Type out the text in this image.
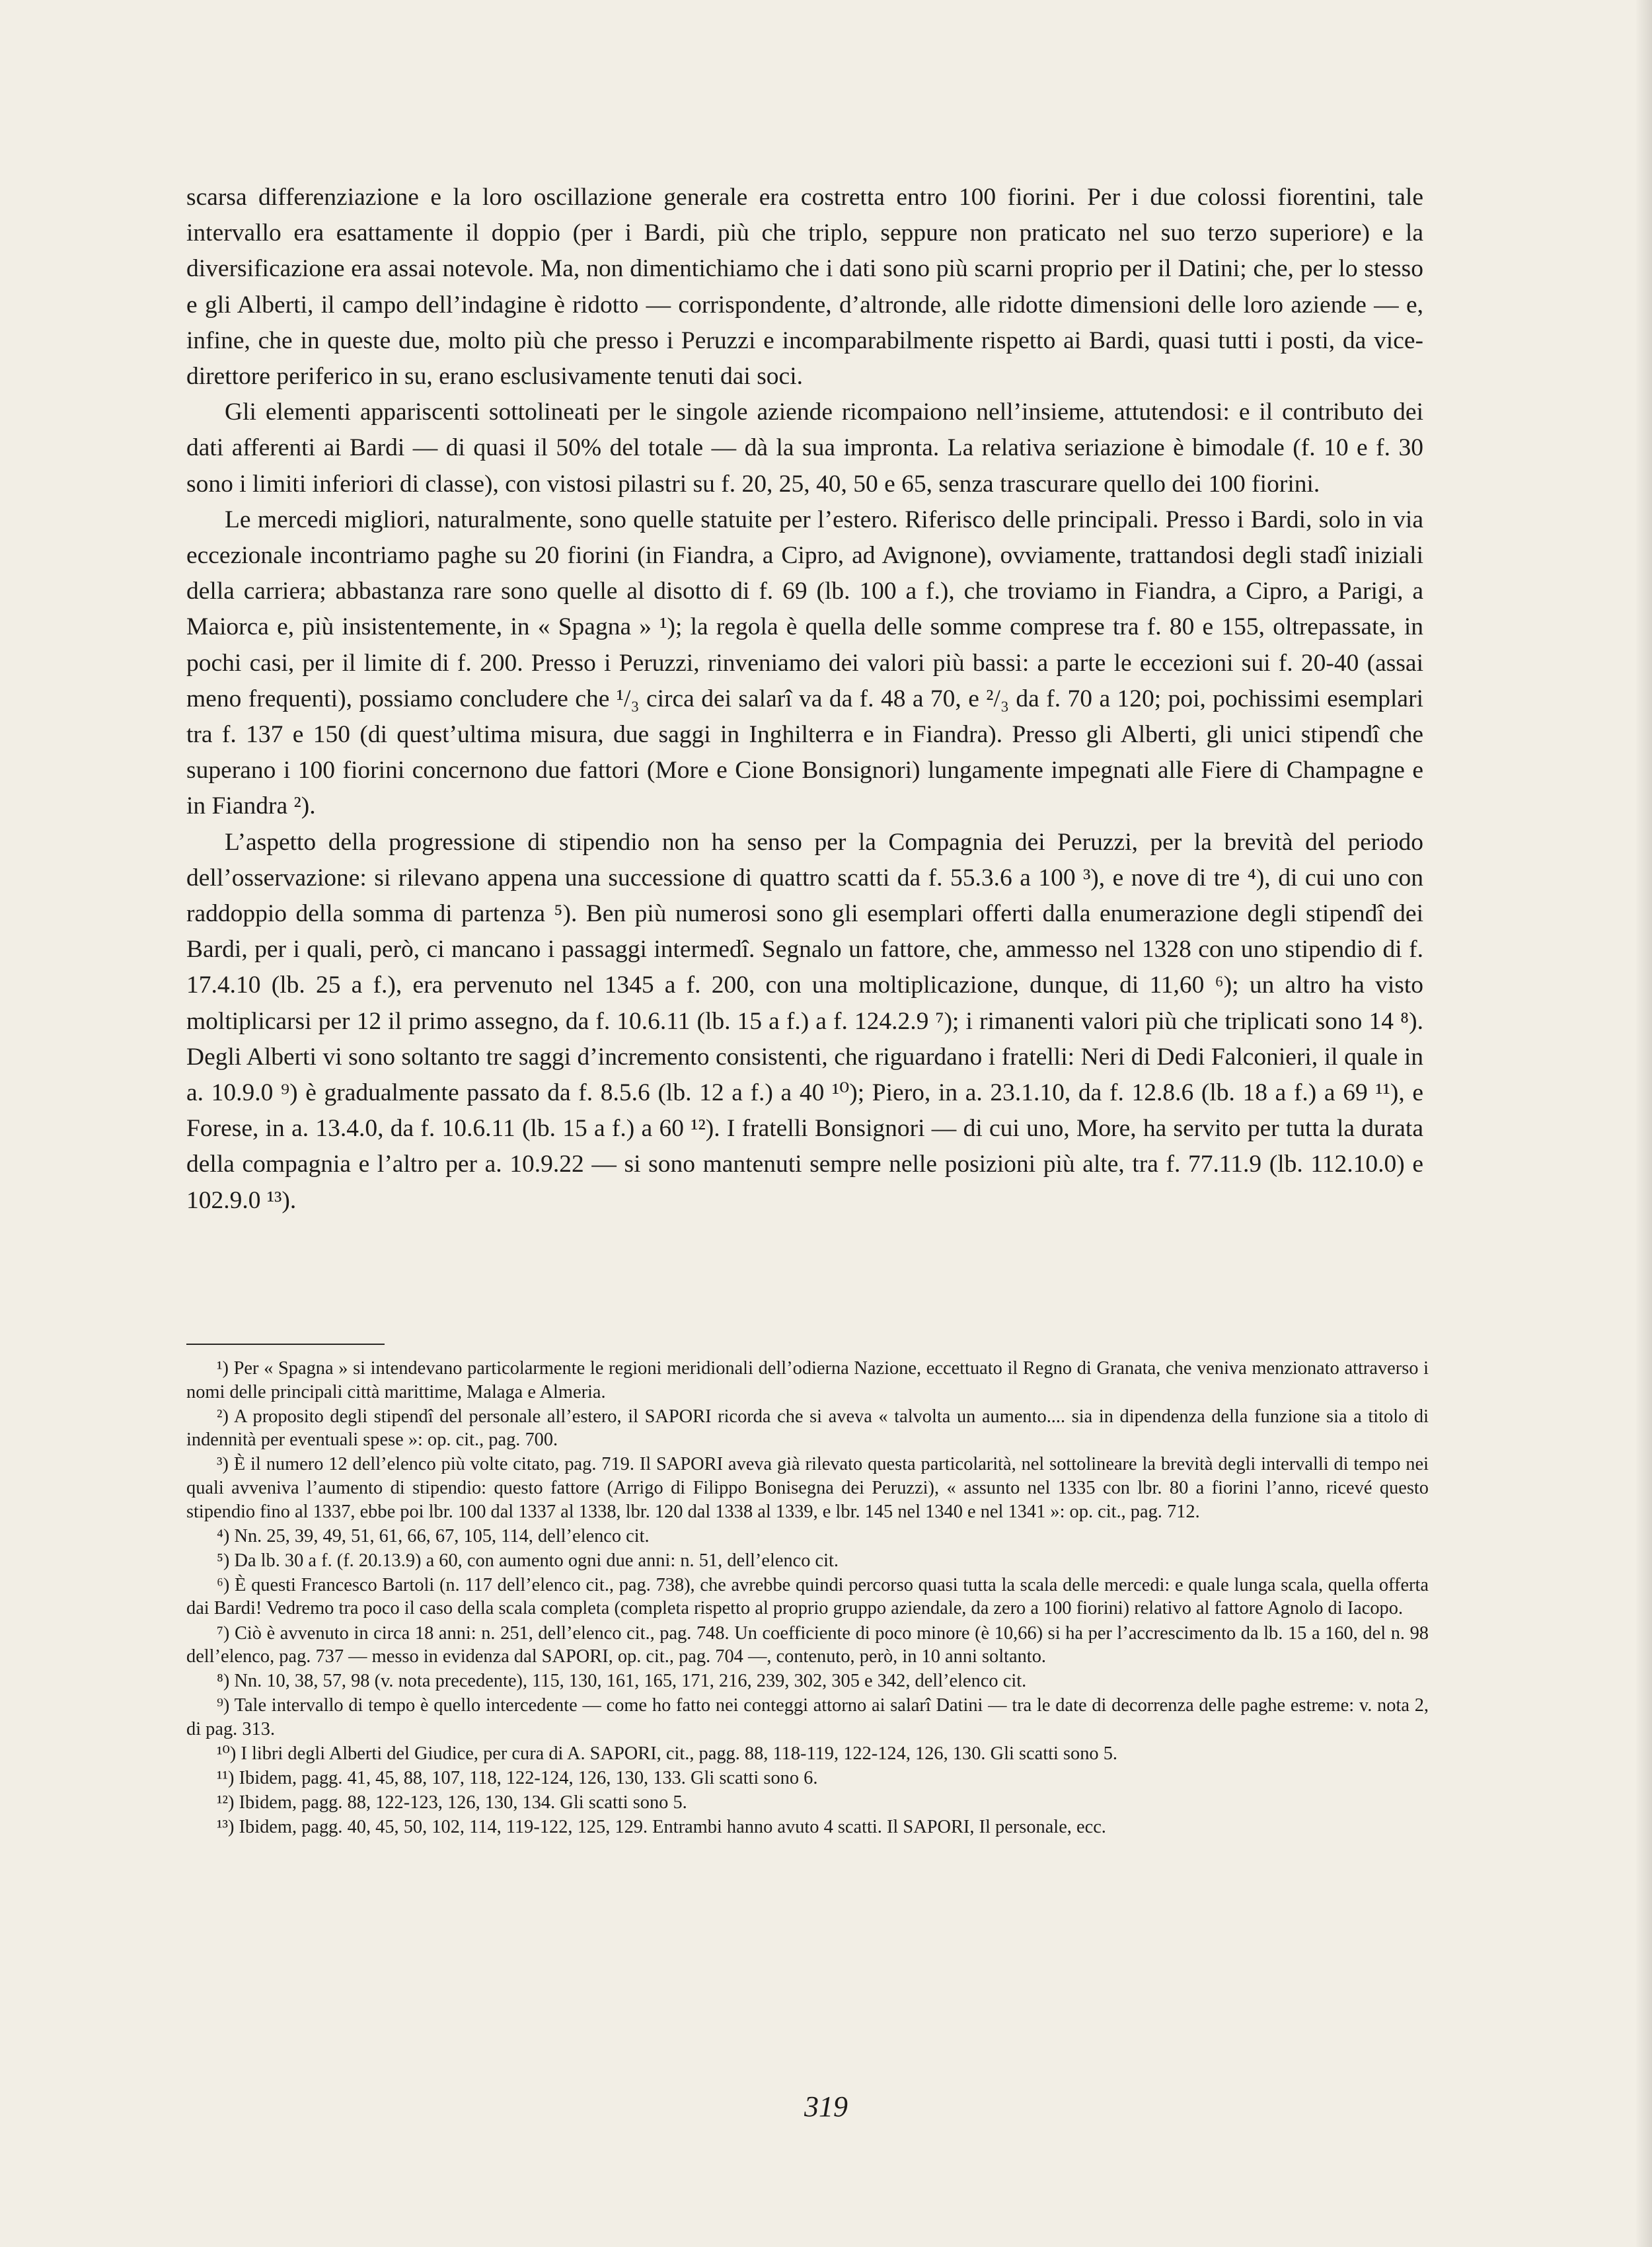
scarsa differenziazione e la loro oscillazione generale era costretta entro 100 fiorini. Per i due colossi fiorentini, tale intervallo era esattamente il doppio (per i Bardi, più che triplo, seppure non praticato nel suo terzo superiore) e la diversificazione era assai notevole. Ma, non dimentichiamo che i dati sono più scarni proprio per il Datini; che, per lo stesso e gli Alberti, il campo dell’indagine è ridotto — corrispondente, d’altronde, alle ridotte dimensioni delle loro aziende — e, infine, che in queste due, molto più che presso i Peruzzi e incomparabilmente rispetto ai Bardi, quasi tutti i posti, da vice-direttore periferico in su, erano esclusivamente tenuti dai soci.

Gli elementi appariscenti sottolineati per le singole aziende ricompaiono nell’insieme, attutendosi: e il contributo dei dati afferenti ai Bardi — di quasi il 50% del totale — dà la sua impronta. La relativa seriazione è bimodale (f. 10 e f. 30 sono i limiti inferiori di classe), con vistosi pilastri su f. 20, 25, 40, 50 e 65, senza trascurare quello dei 100 fiorini.

Le mercedi migliori, naturalmente, sono quelle statuite per l’estero. Riferisco delle principali. Presso i Bardi, solo in via eccezionale incontriamo paghe su 20 fiorini (in Fiandra, a Cipro, ad Avignone), ovviamente, trattandosi degli stadî iniziali della carriera; abbastanza rare sono quelle al disotto di f. 69 (lb. 100 a f.), che troviamo in Fiandra, a Cipro, a Parigi, a Maiorca e, più insistentemente, in « Spagna » ¹); la regola è quella delle somme comprese tra f. 80 e 155, oltrepassate, in pochi casi, per il limite di f. 200. Presso i Peruzzi, rinveniamo dei valori più bassi: a parte le eccezioni sui f. 20-40 (assai meno frequenti), possiamo concludere che ¹/₃ circa dei salarî va da f. 48 a 70, e ²/₃ da f. 70 a 120; poi, pochissimi esemplari tra f. 137 e 150 (di quest’ultima misura, due saggi in Inghilterra e in Fiandra). Presso gli Alberti, gli unici stipendî che superano i 100 fiorini concernono due fattori (More e Cione Bonsignori) lungamente impegnati alle Fiere di Champagne e in Fiandra ²).

L’aspetto della progressione di stipendio non ha senso per la Compagnia dei Peruzzi, per la brevità del periodo dell’osservazione: si rilevano appena una successione di quattro scatti da f. 55.3.6 a 100 ³), e nove di tre ⁴), di cui uno con raddoppio della somma di partenza ⁵). Ben più numerosi sono gli esemplari offerti dalla enumerazione degli stipendî dei Bardi, per i quali, però, ci mancano i passaggi intermedî. Segnalo un fattore, che, ammesso nel 1328 con uno stipendio di f. 17.4.10 (lb. 25 a f.), era pervenuto nel 1345 a f. 200, con una moltiplicazione, dunque, di 11,60 ⁶); un altro ha visto moltiplicarsi per 12 il primo assegno, da f. 10.6.11 (lb. 15 a f.) a f. 124.2.9 ⁷); i rimanenti valori più che triplicati sono 14 ⁸). Degli Alberti vi sono soltanto tre saggi d’incremento consistenti, che riguardano i fratelli: Neri di Dedi Falconieri, il quale in a. 10.9.0 ⁹) è gradualmente passato da f. 8.5.6 (lb. 12 a f.) a 40 ¹⁰); Piero, in a. 23.1.10, da f. 12.8.6 (lb. 18 a f.) a 69 ¹¹), e Forese, in a. 13.4.0, da f. 10.6.11 (lb. 15 a f.) a 60 ¹²). I fratelli Bonsignori — di cui uno, More, ha servito per tutta la durata della compagnia e l’altro per a. 10.9.22 — si sono mantenuti sempre nelle posizioni più alte, tra f. 77.11.9 (lb. 112.10.0) e 102.9.0 ¹³).

¹) Per « Spagna » si intendevano particolarmente le regioni meridionali dell’odierna Nazione, eccettuato il Regno di Granata, che veniva menzionato attraverso i nomi delle principali città marittime, Malaga e Almeria.

²) A proposito degli stipendî del personale all’estero, il SAPORI ricorda che si aveva « talvolta un aumento.... sia in dipendenza della funzione sia a titolo di indennità per eventuali spese »: op. cit., pag. 700.

³) È il numero 12 dell’elenco più volte citato, pag. 719. Il SAPORI aveva già rilevato questa particolarità, nel sottolineare la brevità degli intervalli di tempo nei quali avveniva l’aumento di stipendio: questo fattore (Arrigo di Filippo Bonisegna dei Peruzzi), « assunto nel 1335 con lbr. 80 a fiorini l’anno, ricevé questo stipendio fino al 1337, ebbe poi lbr. 100 dal 1337 al 1338, lbr. 120 dal 1338 al 1339, e lbr. 145 nel 1340 e nel 1341 »: op. cit., pag. 712.

⁴) Nn. 25, 39, 49, 51, 61, 66, 67, 105, 114, dell’elenco cit.

⁵) Da lb. 30 a f. (f. 20.13.9) a 60, con aumento ogni due anni: n. 51, dell’elenco cit.

⁶) È questi Francesco Bartoli (n. 117 dell’elenco cit., pag. 738), che avrebbe quindi percorso quasi tutta la scala delle mercedi: e quale lunga scala, quella offerta dai Bardi! Vedremo tra poco il caso della scala completa (completa rispetto al proprio gruppo aziendale, da zero a 100 fiorini) relativo al fattore Agnolo di Iacopo.

⁷) Ciò è avvenuto in circa 18 anni: n. 251, dell’elenco cit., pag. 748. Un coefficiente di poco minore (è 10,66) si ha per l’accrescimento da lb. 15 a 160, del n. 98 dell’elenco, pag. 737 — messo in evidenza dal SAPORI, op. cit., pag. 704 —, contenuto, però, in 10 anni soltanto.

⁸) Nn. 10, 38, 57, 98 (v. nota precedente), 115, 130, 161, 165, 171, 216, 239, 302, 305 e 342, dell’elenco cit.

⁹) Tale intervallo di tempo è quello intercedente — come ho fatto nei conteggi attorno ai salarî Datini — tra le date di decorrenza delle paghe estreme: v. nota 2, di pag. 313.

¹⁰) I libri degli Alberti del Giudice, per cura di A. SAPORI, cit., pagg. 88, 118-119, 122-124, 126, 130. Gli scatti sono 5.

¹¹) Ibidem, pagg. 41, 45, 88, 107, 118, 122-124, 126, 130, 133. Gli scatti sono 6.

¹²) Ibidem, pagg. 88, 122-123, 126, 130, 134. Gli scatti sono 5.

¹³) Ibidem, pagg. 40, 45, 50, 102, 114, 119-122, 125, 129. Entrambi hanno avuto 4 scatti. Il SAPORI, Il personale, ecc.

319
